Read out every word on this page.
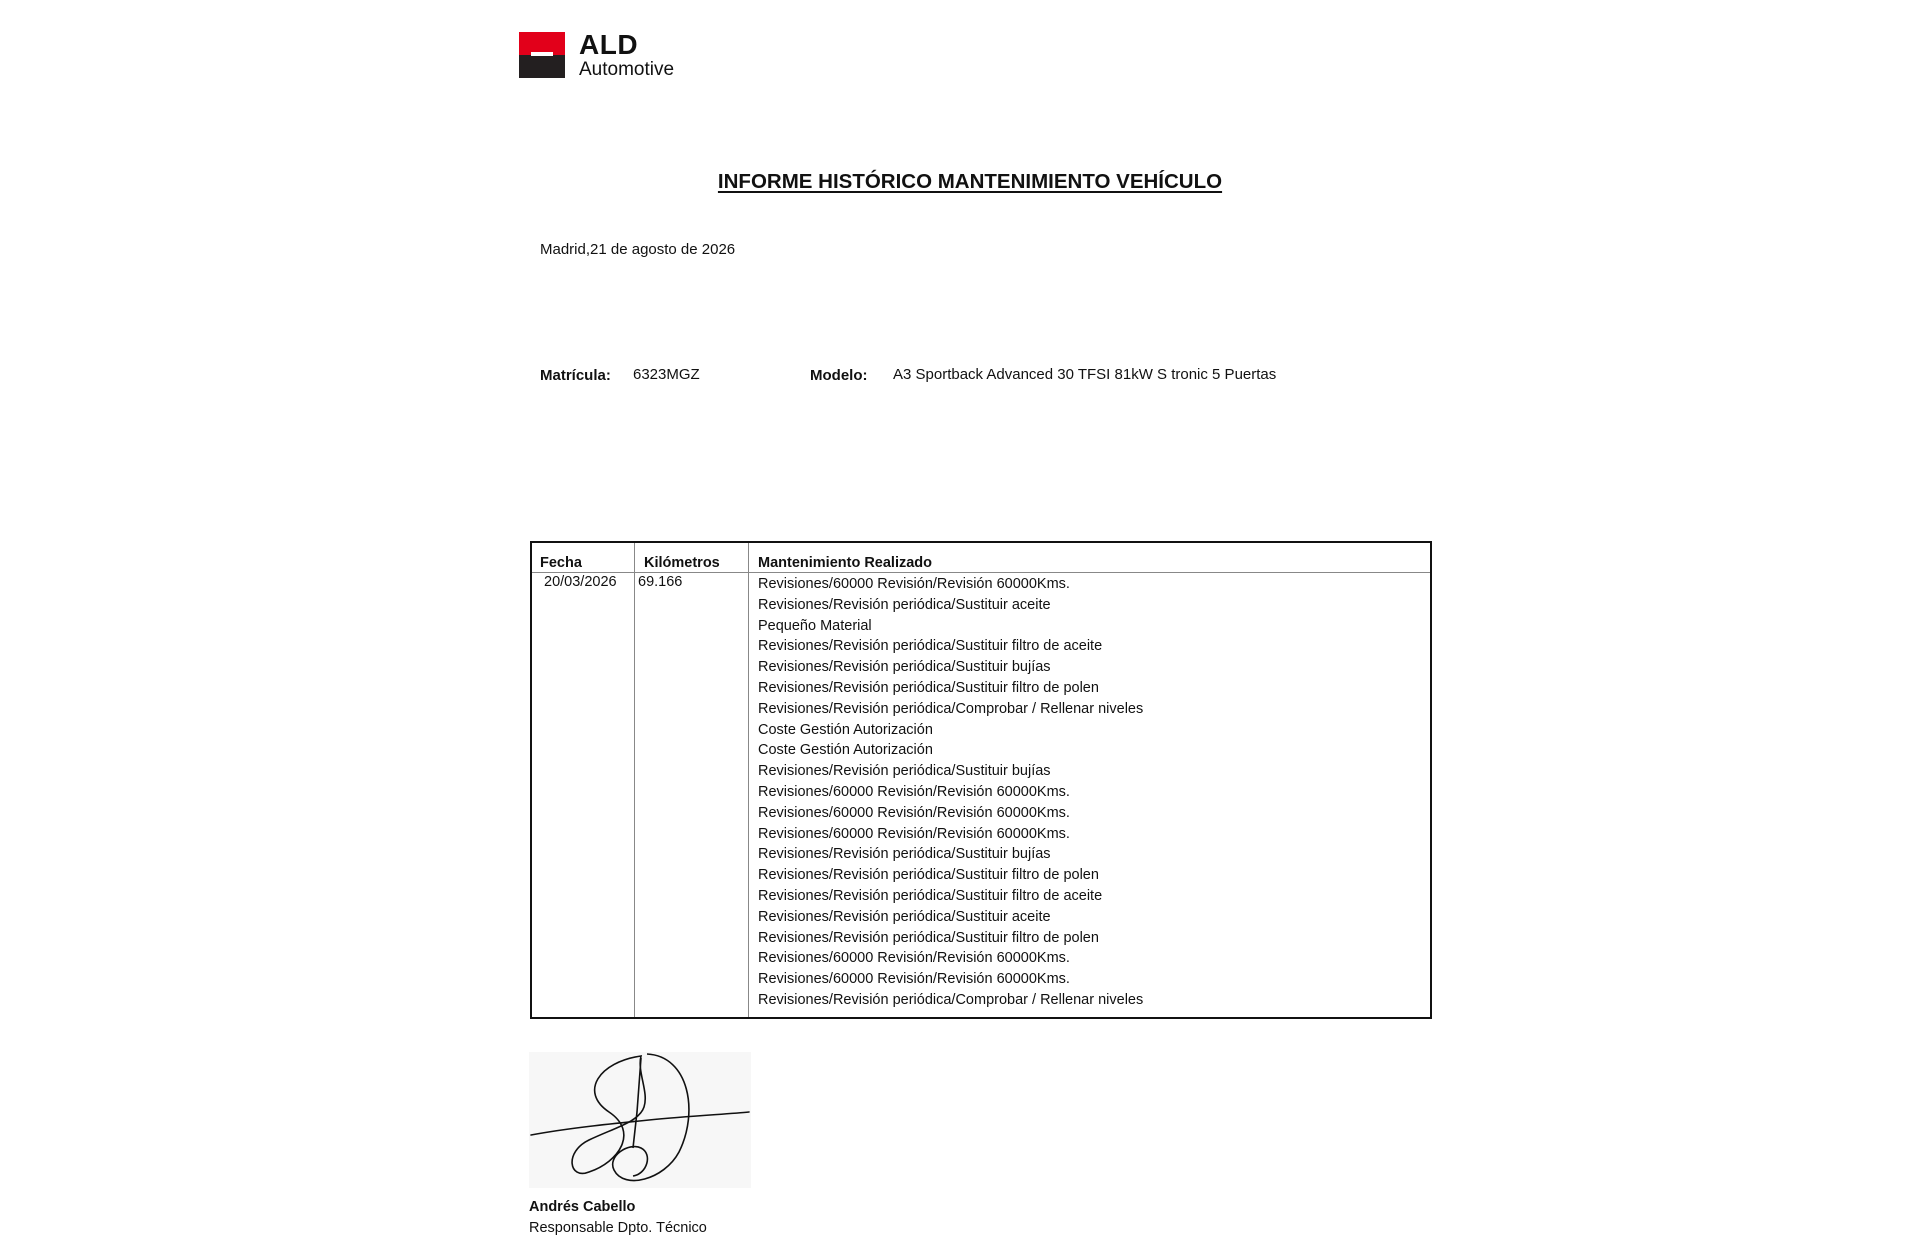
ALD
Automotive
INFORME HISTÓRICO MANTENIMIENTO VEHÍCULO
Madrid,21 de agosto de 2026
Matrícula: 6323MGZ	Modelo: A3 Sportback Advanced 30 TFSI 81kW S tronic 5 Puertas
Fecha	Kilómetros	Mantenimiento Realizado
20/03/2026 69.166	Revisiones/60000 Revisión/Revisión 60000Kms.
Revisiones/Revisión periódica/Sustituir aceite
Pequeño Material
Revisiones/Revisión periódica/Sustituir filtro de aceite
Revisiones/Revisión periódica/Sustituir bujías
Revisiones/Revisión periódica/Sustituir filtro de polen
Revisiones/Revisión periódica/Comprobar / Rellenar niveles
Coste Gestión Autorización
Coste Gestión Autorización
Revisiones/Revisión periódica/Sustituir bujías
Revisiones/60000 Revisión/Revisión 60000Kms.
Revisiones/60000 Revisión/Revisión 60000Kms.
Revisiones/60000 Revisión/Revisión 60000Kms.
Revisiones/Revisión periódica/Sustituir bujías
Revisiones/Revisión periódica/Sustituir filtro de polen
Revisiones/Revisión periódica/Sustituir filtro de aceite
Revisiones/Revisión periódica/Sustituir aceite
Revisiones/Revisión periódica/Sustituir filtro de polen
Revisiones/60000 Revisión/Revisión 60000Kms.
Revisiones/60000 Revisión/Revisión 60000Kms.
Revisiones/Revisión periódica/Comprobar / Rellenar niveles
Andrés Cabello
Responsable Dpto. Técnico
